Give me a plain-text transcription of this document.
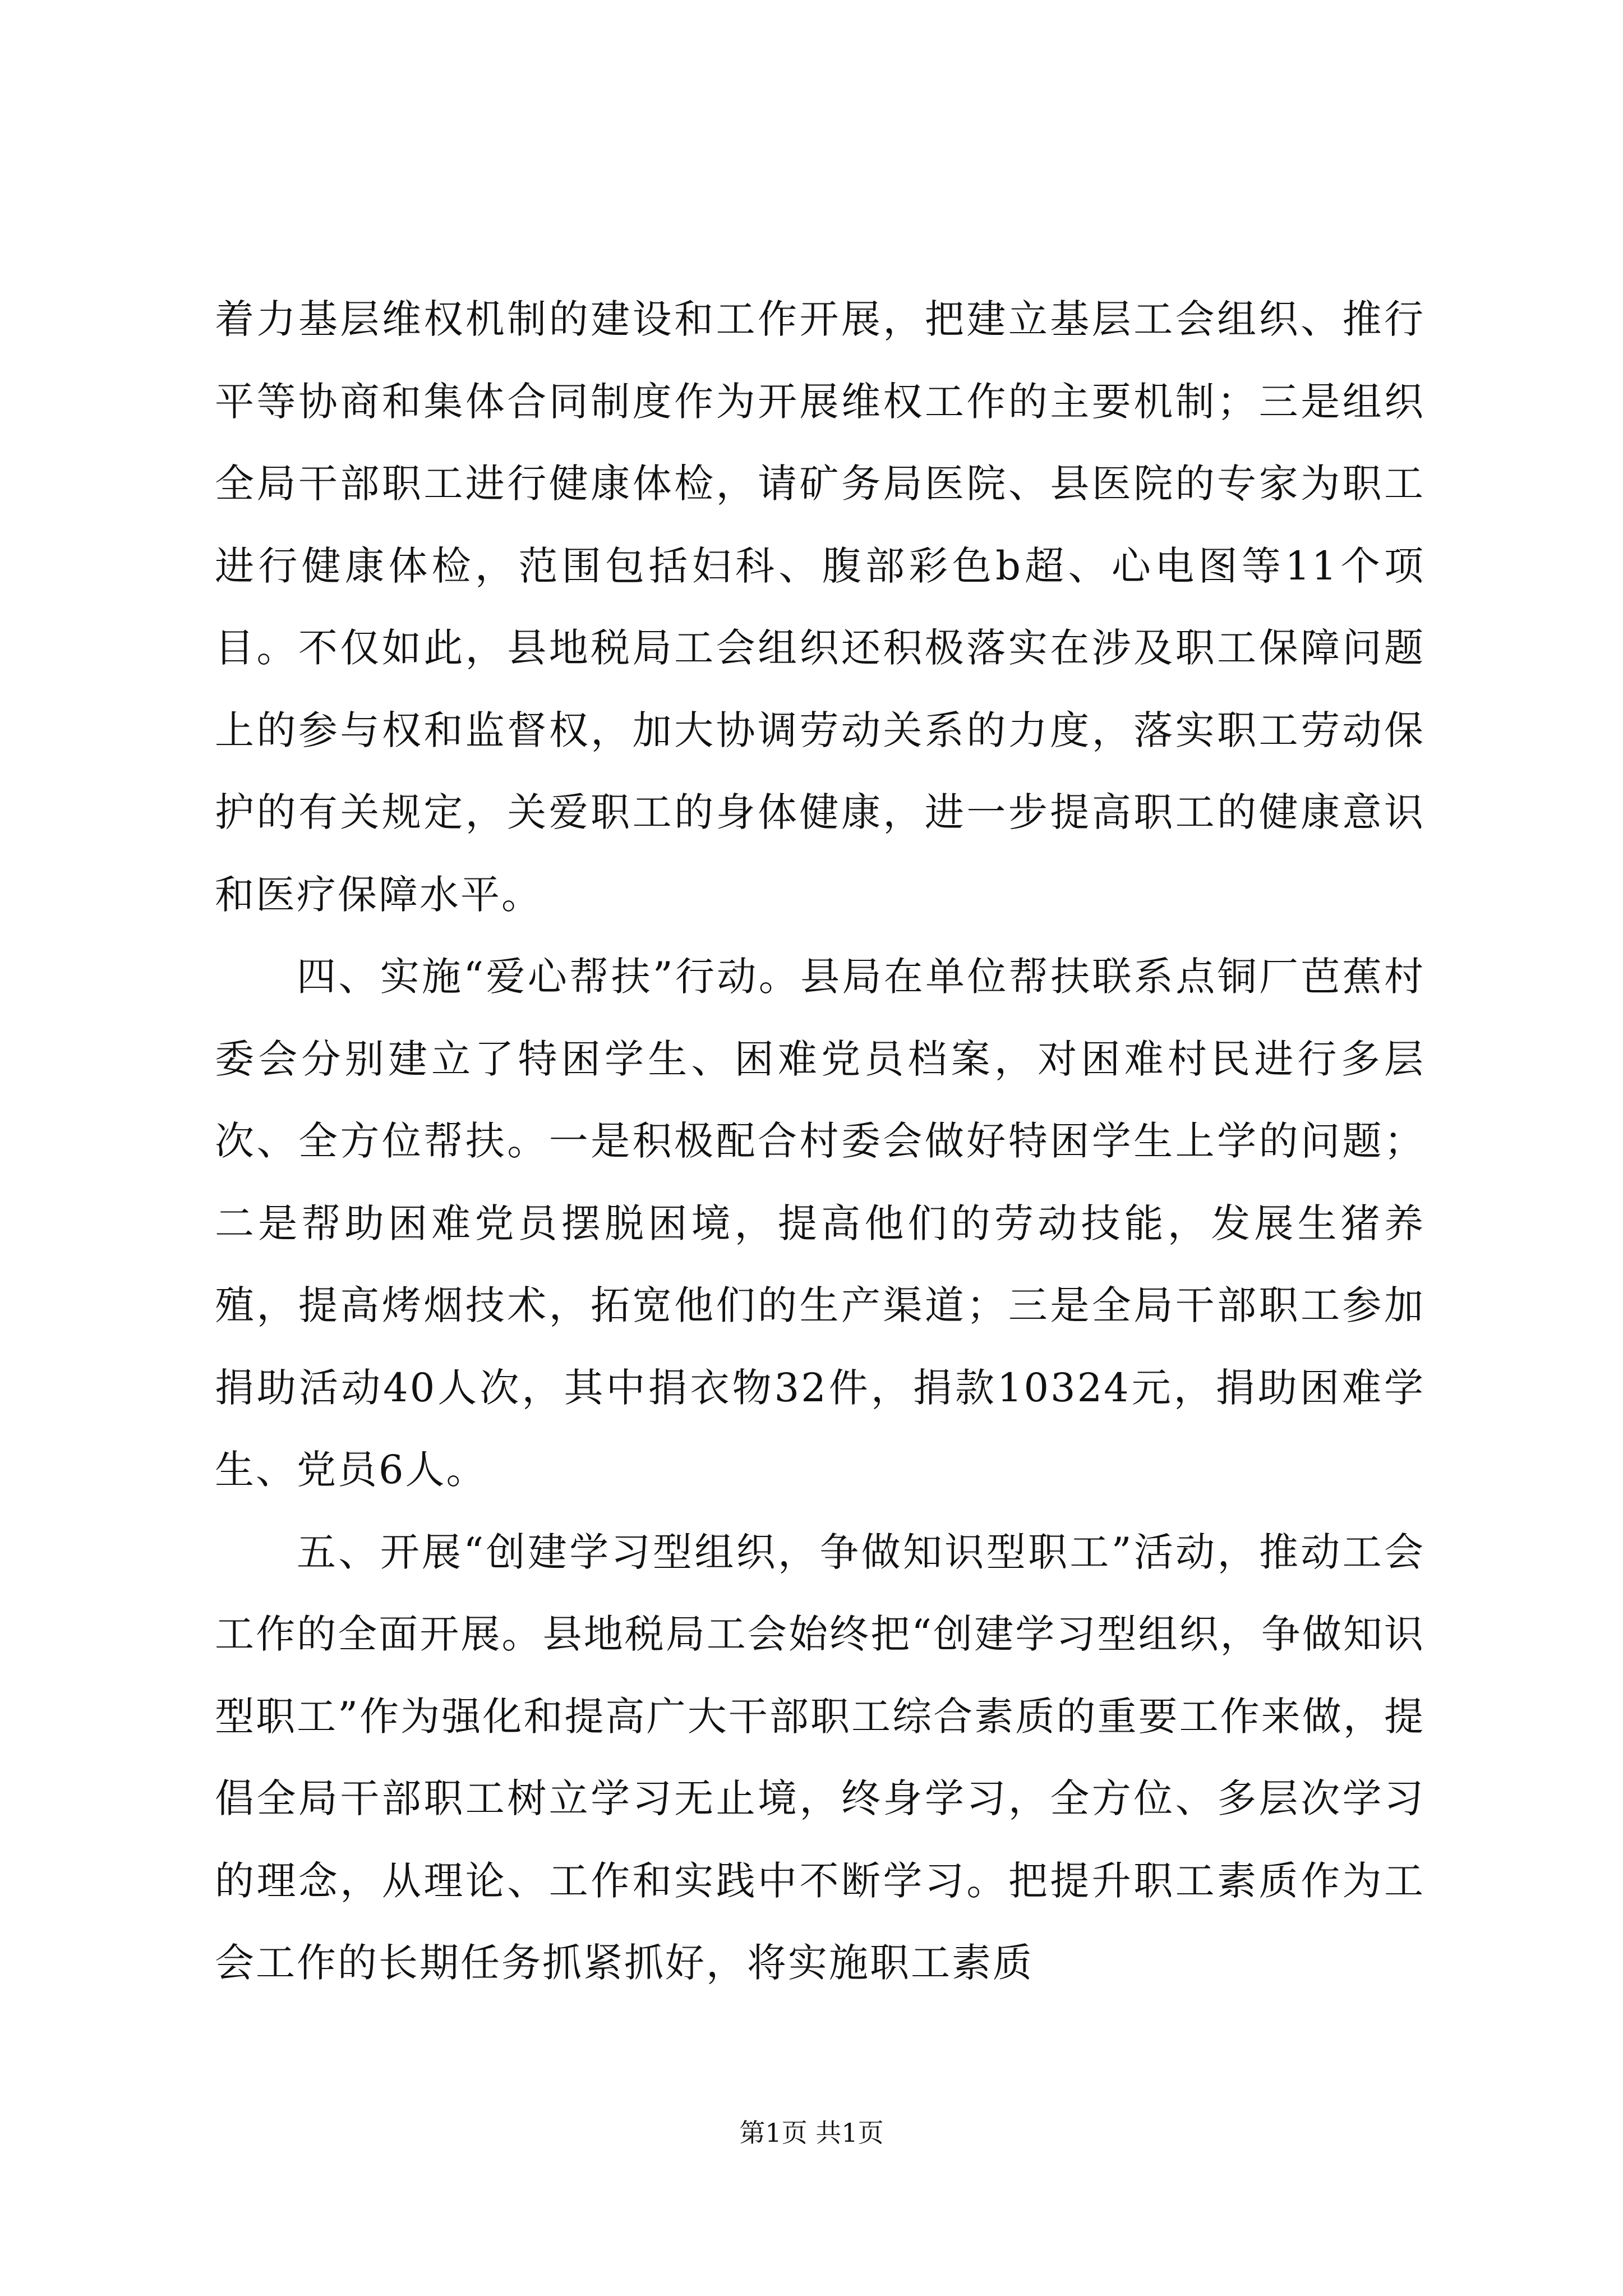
着力基层维权机制的建设和工作开展，把建立基层工会组织、推行平等协商和集体合同制度作为开展维权工作的主要机制；三是组织全局干部职工进行健康体检，请矿务局医院、县医院的专家为职工进行健康体检，范围包括妇科、腹部彩色b超、心电图等11个项目。不仅如此，县地税局工会组织还积极落实在涉及职工保障问题上的参与权和监督权，加大协调劳动关系的力度，落实职工劳动保护的有关规定，关爱职工的身体健康，进一步提高职工的健康意识和医疗保障水平。

四、实施“爱心帮扶”行动。县局在单位帮扶联系点铜厂芭蕉村委会分别建立了特困学生、困难党员档案，对困难村民进行多层次、全方位帮扶。一是积极配合村委会做好特困学生上学的问题；二是帮助困难党员摆脱困境，提高他们的劳动技能，发展生猪养殖，提高烤烟技术，拓宽他们的生产渠道；三是全局干部职工参加捐助活动40人次，其中捐衣物32件，捐款10324元，捐助困难学生、党员6人。

五、开展“创建学习型组织，争做知识型职工”活动，推动工会工作的全面开展。县地税局工会始终把“创建学习型组织，争做知识型职工”作为强化和提高广大干部职工综合素质的重要工作来做，提倡全局干部职工树立学习无止境，终身学习，全方位、多层次学习的理念，从理论、工作和实践中不断学习。把提升职工素质作为工会工作的长期任务抓紧抓好，将实施职工素质

第1页 共1页
